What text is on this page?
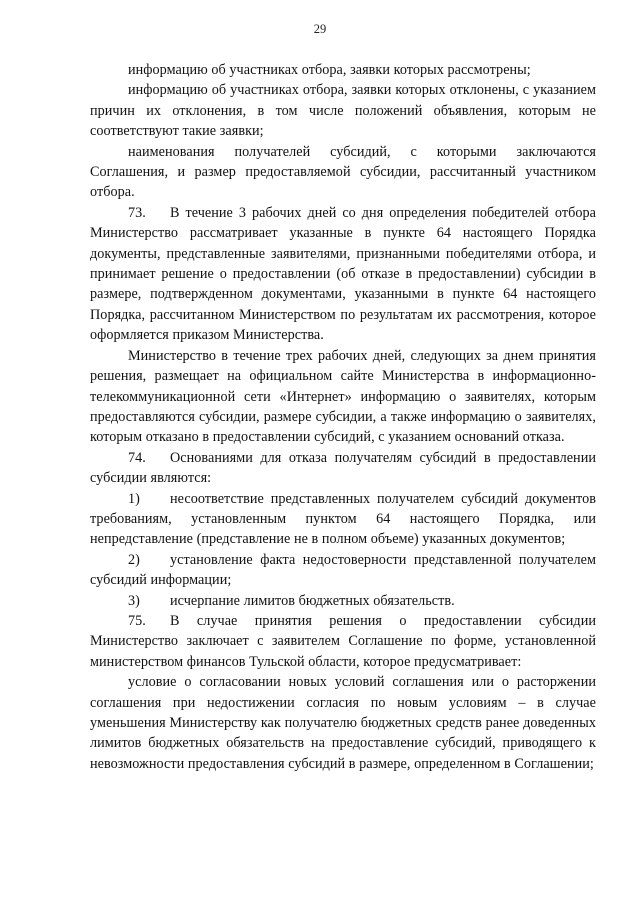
29

информацию об участниках отбора, заявки которых рассмотрены;

информацию об участниках отбора, заявки которых отклонены, с указанием причин их отклонения, в том числе положений объявления, которым не соответствуют такие заявки;

наименования получателей субсидий, с которыми заключаются Соглашения, и размер предоставляемой субсидии, рассчитанный участником отбора.

73. В течение 3 рабочих дней со дня определения победителей отбора Министерство рассматривает указанные в пункте 64 настоящего Порядка документы, представленные заявителями, признанными победителями отбора, и принимает решение о предоставлении (об отказе в предоставлении) субсидии в размере, подтвержденном документами, указанными в пункте 64 настоящего Порядка, рассчитанном Министерством по результатам их рассмотрения, которое оформляется приказом Министерства.

Министерство в течение трех рабочих дней, следующих за днем принятия решения, размещает на официальном сайте Министерства в информационно-телекоммуникационной сети «Интернет» информацию о заявителях, которым предоставляются субсидии, размере субсидии, а также информацию о заявителях, которым отказано в предоставлении субсидий, с указанием оснований отказа.

74. Основаниями для отказа получателям субсидий в предоставлении субсидии являются:

1) несоответствие представленных получателем субсидий документов требованиям, установленным пунктом 64 настоящего Порядка, или непредставление (представление не в полном объеме) указанных документов;

2) установление факта недостоверности представленной получателем субсидий информации;

3) исчерпание лимитов бюджетных обязательств.

75. В случае принятия решения о предоставлении субсидии Министерство заключает с заявителем Соглашение по форме, установленной министерством финансов Тульской области, которое предусматривает:

условие о согласовании новых условий соглашения или о расторжении соглашения при недостижении согласия по новым условиям – в случае уменьшения Министерству как получателю бюджетных средств ранее доведенных лимитов бюджетных обязательств на предоставление субсидий, приводящего к невозможности предоставления субсидий в размере, определенном в Соглашении;
